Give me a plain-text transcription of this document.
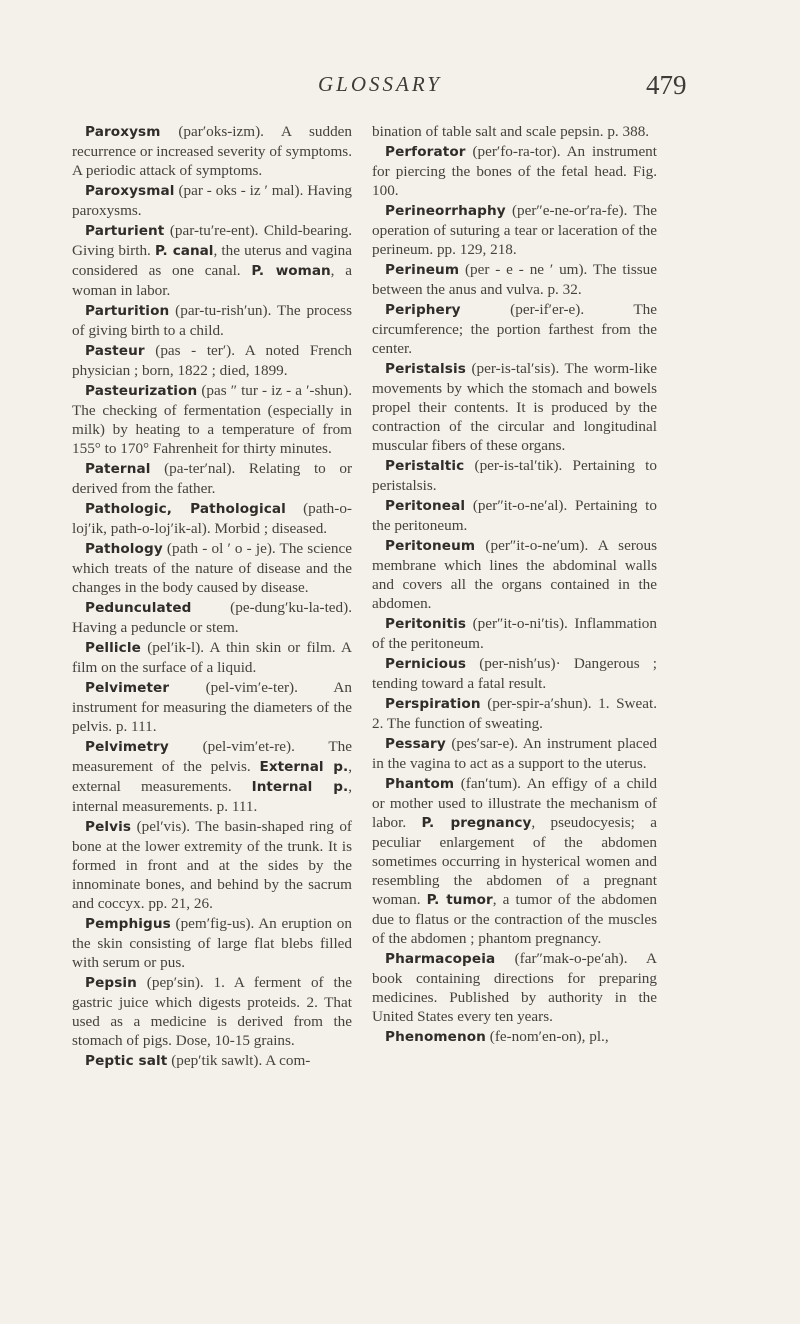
GLOSSARY	479

Paroxysm (par′oks-izm). A sudden recurrence or increased severity of symptoms. A periodic attack of symptoms.

Paroxysmal (par - oks - iz ′ mal). Having paroxysms.

Parturient (par-tu′re-ent). Child-bearing. Giving birth. P. canal, the uterus and vagina considered as one canal. P. woman, a woman in labor.

Parturition (par-tu-rish′un). The process of giving birth to a child.

Pasteur (pas - ter′). A noted French physician ; born, 1822 ; died, 1899.

Pasteurization (pas ″ tur - iz - a ′-shun). The checking of fermentation (especially in milk) by heating to a temperature of from 155° to 170° Fahrenheit for thirty minutes.

Paternal (pa-ter′nal). Relating to or derived from the father.

Pathologic, Pathological (path-o-loj′ik, path-o-loj′ik-al). Morbid ; diseased.

Pathology (path - ol ′ o - je). The science which treats of the nature of disease and the changes in the body caused by disease.

Pedunculated (pe-dung′ku-la-ted). Having a peduncle or stem.

Pellicle (pel′ik-l). A thin skin or film. A film on the surface of a liquid.

Pelvimeter (pel-vim′e-ter). An instrument for measuring the diameters of the pelvis. p. 111.

Pelvimetry (pel-vim′et-re). The measurement of the pelvis. External p., external measurements. Internal p., internal measurements. p. 111.

Pelvis (pel′vis). The basin-shaped ring of bone at the lower extremity of the trunk. It is formed in front and at the sides by the innominate bones, and behind by the sacrum and coccyx. pp. 21, 26.

Pemphigus (pem′fig-us). An eruption on the skin consisting of large flat blebs filled with serum or pus.

Pepsin (pep′sin). 1. A ferment of the gastric juice which digests proteids. 2. That used as a medicine is derived from the stomach of pigs. Dose, 10-15 grains.

Peptic salt (pep′tik sawlt). A com-

bination of table salt and scale pepsin. p. 388.

Perforator (per′fo-ra-tor). An instrument for piercing the bones of the fetal head. Fig. 100.

Perineorrhaphy (per″e-ne-or′ra-fe). The operation of suturing a tear or laceration of the perineum. pp. 129, 218.

Perineum (per - e - ne ′ um). The tissue between the anus and vulva. p. 32.

Periphery (per-if′er-e). The circumference; the portion farthest from the center.

Peristalsis (per-is-tal′sis). The worm-like movements by which the stomach and bowels propel their contents. It is produced by the contraction of the circular and longitudinal muscular fibers of these organs.

Peristaltic (per-is-tal′tik). Pertaining to peristalsis.

Peritoneal (per″it-o-ne′al). Pertaining to the peritoneum.

Peritoneum (per″it-o-ne′um). A serous membrane which lines the abdominal walls and covers all the organs contained in the abdomen.

Peritonitis (per″it-o-ni′tis). Inflammation of the peritoneum.

Pernicious (per-nish′us)· Dangerous ; tending toward a fatal result.

Perspiration (per-spir-a′shun). 1. Sweat. 2. The function of sweating.

Pessary (pes′sar-e). An instrument placed in the vagina to act as a support to the uterus.

Phantom (fan′tum). An effigy of a child or mother used to illustrate the mechanism of labor. P. pregnancy, pseudocyesis; a peculiar enlargement of the abdomen sometimes occurring in hysterical women and resembling the abdomen of a pregnant woman. P. tumor, a tumor of the abdomen due to flatus or the contraction of the muscles of the abdomen ; phantom pregnancy.

Pharmacopeia (far″mak-o-pe′ah). A book containing directions for preparing medicines. Published by authority in the United States every ten years.

Phenomenon (fe-nom′en-on), pl.,
